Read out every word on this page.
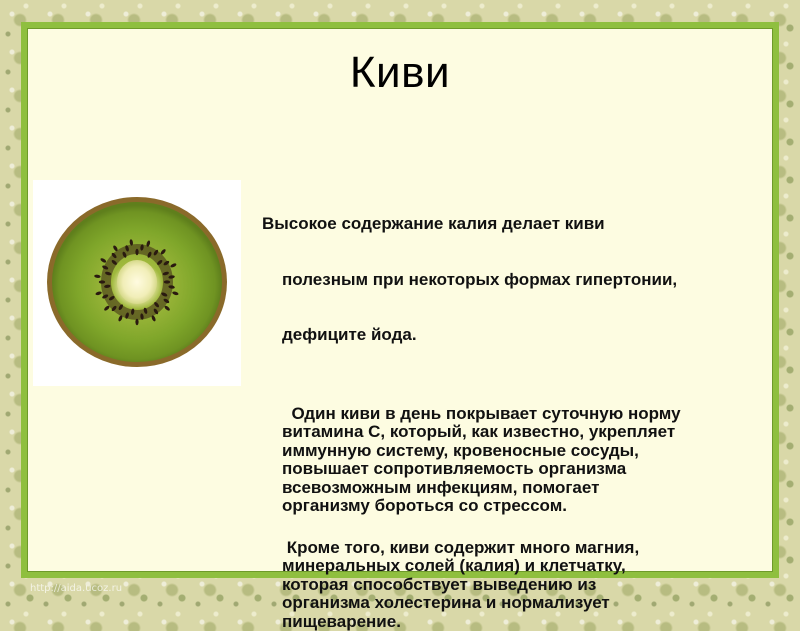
Киви

Высокое содержание калия делает киви

полезным при некоторых формах гипертонии,

дефиците йода.

Один киви в день покрывает суточную норму
витамина С, который, как известно, укрепляет
иммунную систему, кровеносные сосуды,
повышает сопротивляемость организма
всевозможным инфекциям, помогает
организму бороться со стрессом.

Кроме того, киви содержит много магния,
минеральных солей (калия) и клетчатку,
которая способствует выведению из
организма холестерина и нормализует
пищеварение.

http://aida.ucoz.ru
